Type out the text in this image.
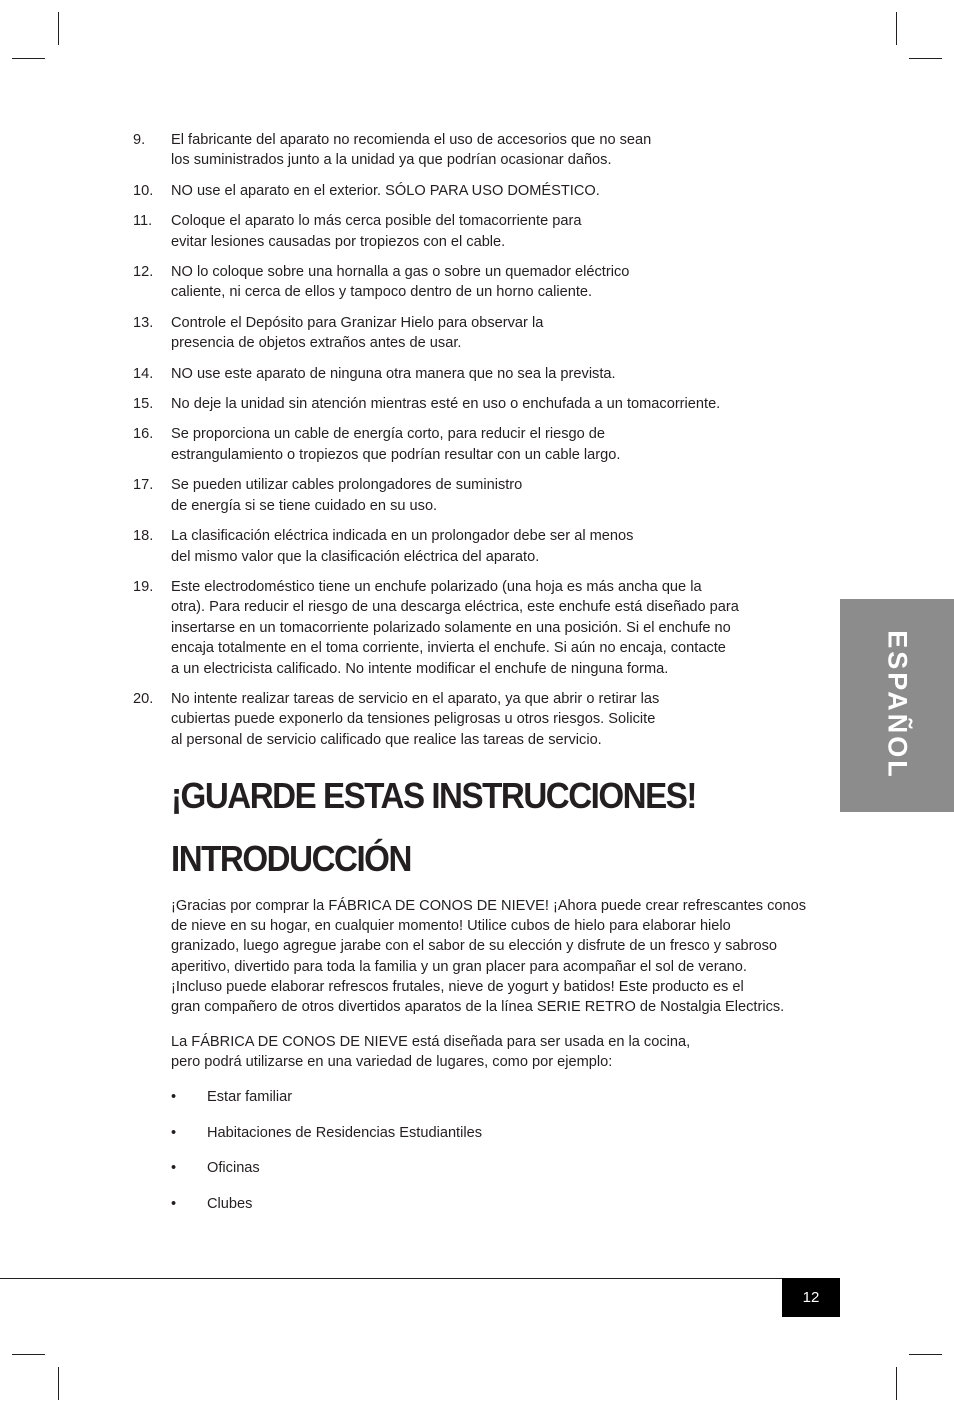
9. El fabricante del aparato no recomienda el uso de accesorios que no sean
los suministrados junto a la unidad ya que podrían ocasionar daños.
10. NO use el aparato en el exterior. SÓLO PARA USO DOMÉSTICO.
11. Coloque el aparato lo más cerca posible del tomacorriente para
evitar lesiones causadas por tropiezos con el cable.
12. NO lo coloque sobre una hornalla a gas o sobre un quemador eléctrico
caliente, ni cerca de ellos y tampoco dentro de un horno caliente.
13. Controle el Depósito para Granizar Hielo para observar la
presencia de objetos extraños antes de usar.
14. NO use este aparato de ninguna otra manera que no sea la prevista.
15. No deje la unidad sin atención mientras esté en uso o enchufada a un tomacorriente.
16. Se proporciona un cable de energía corto, para reducir el riesgo de
estrangulamiento o tropiezos que podrían resultar con un cable largo.
17. Se pueden utilizar cables prolongadores de suministro
de energía si se tiene cuidado en su uso.
18. La clasificación eléctrica indicada en un prolongador debe ser al menos
del mismo valor que la clasificación eléctrica del aparato.
19. Este electrodoméstico tiene un enchufe polarizado (una hoja es más ancha que la
otra). Para reducir el riesgo de una descarga eléctrica, este enchufe está diseñado para
insertarse en un tomacorriente polarizado solamente en una posición. Si el enchufe no
encaja totalmente en el toma corriente, invierta el enchufe. Si aún no encaja, contacte
a un electricista calificado. No intente modificar el enchufe de ninguna forma.
20. No intente realizar tareas de servicio en el aparato, ya que abrir o retirar las
cubiertas puede exponerlo da tensiones peligrosas u otros riesgos. Solicite
al personal de servicio calificado que realice las tareas de servicio.
¡GUARDE ESTAS INSTRUCCIONES!
INTRODUCCIÓN

¡Gracias por comprar la FÁBRICA DE CONOS DE NIEVE! ¡Ahora puede crear refrescantes conos
de nieve en su hogar, en cualquier momento! Utilice cubos de hielo para elaborar hielo
granizado, luego agregue jarabe con el sabor de su elección y disfrute de un fresco y sabroso
aperitivo, divertido para toda la familia y un gran placer para acompañar el sol de verano.
¡Incluso puede elaborar refrescos frutales, nieve de yogurt y batidos! Este producto es el
gran compañero de otros divertidos aparatos de la línea SERIE RETRO de Nostalgia Electrics.

La FÁBRICA DE CONOS DE NIEVE está diseñada para ser usada en la cocina,
pero podrá utilizarse en una variedad de lugares, como por ejemplo:

• Estar familiar
• Habitaciones de Residencias Estudiantiles
• Oficinas
• Clubes
ESPAÑOL
12
